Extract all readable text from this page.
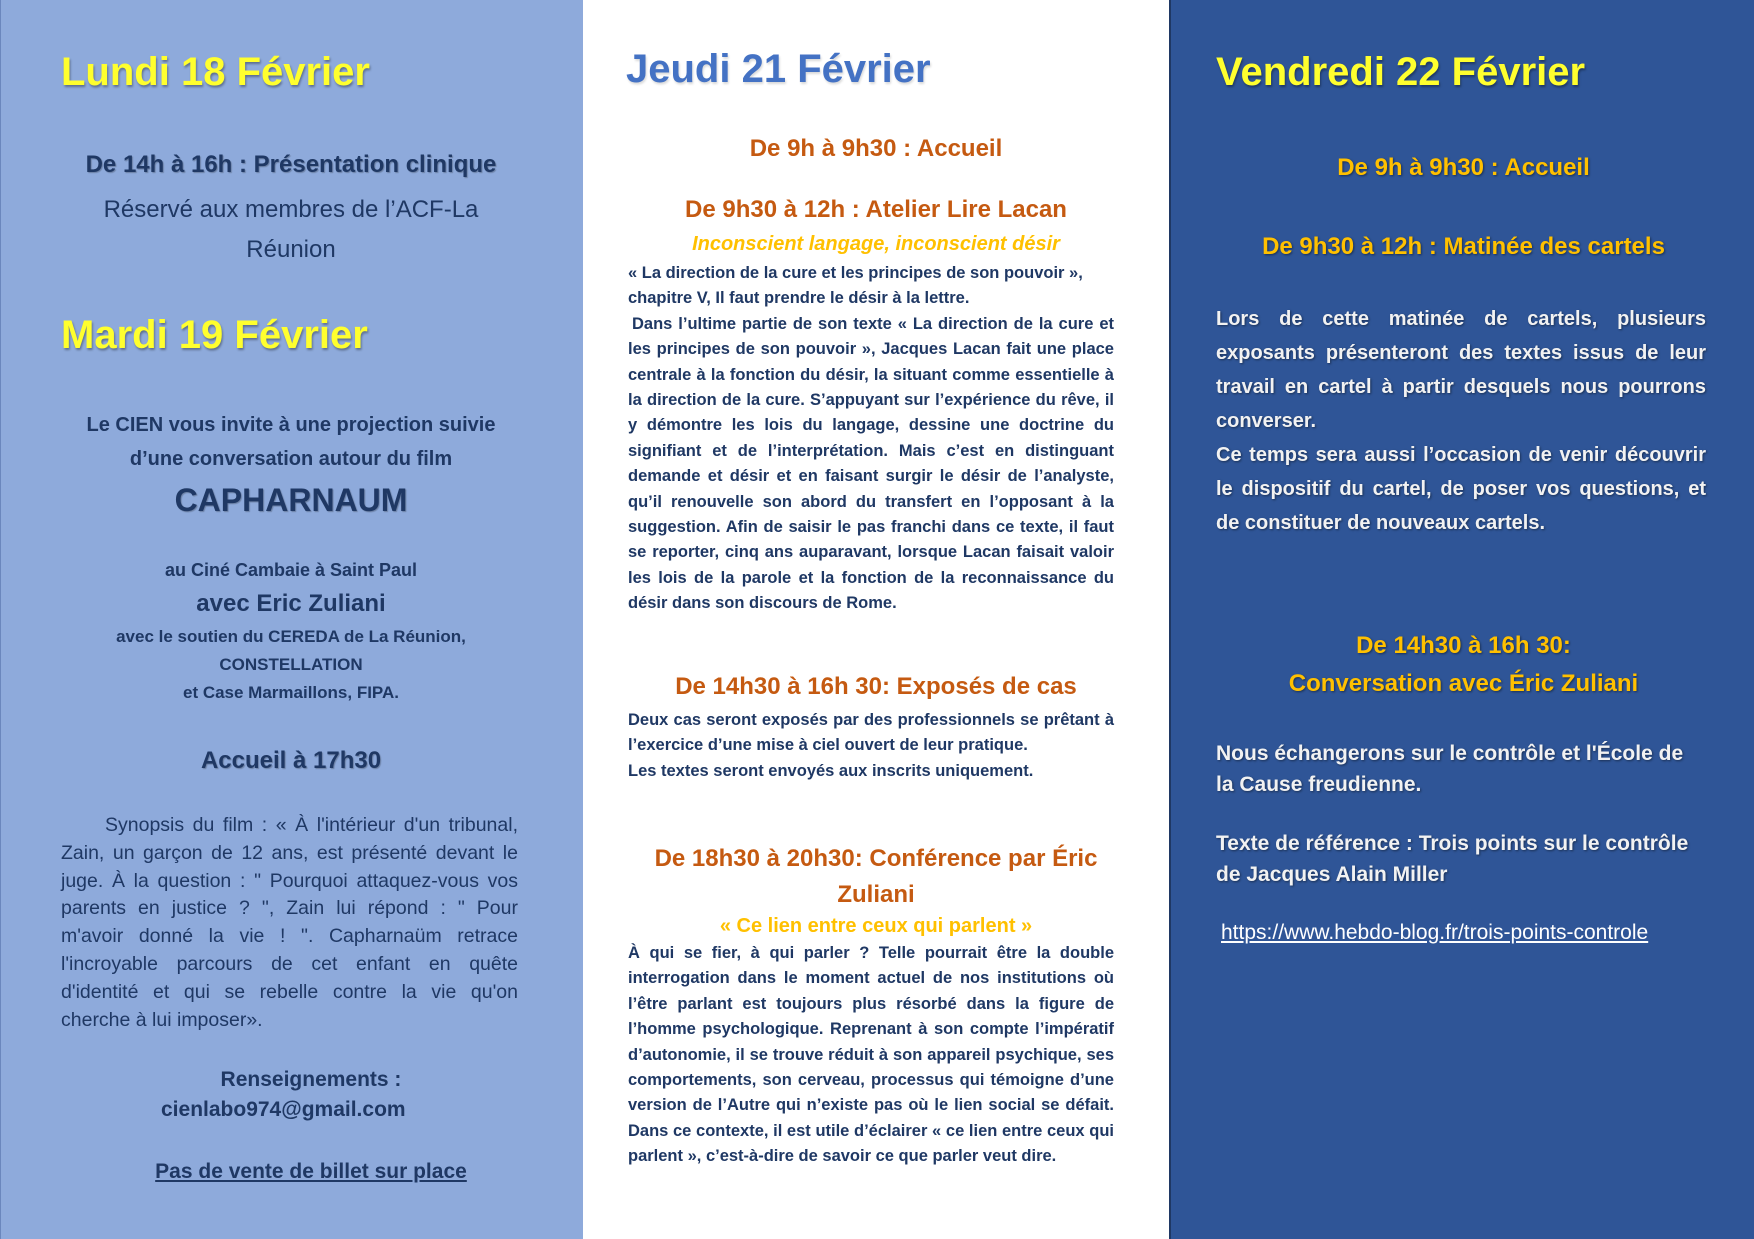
Lundi 18 Février

De 14h à 16h : Présentation clinique

Réservé aux membres de l’ACF-La Réunion

Mardi 19 Février

Le CIEN vous invite à une projection suivie d’une conversation autour du film

CAPHARNAUM

au Ciné Cambaie à Saint Paul

avec Eric Zuliani

avec le soutien du CEREDA de La Réunion,

CONSTELLATION

et Case Marmaillons, FIPA.

Accueil à 17h30

Synopsis du film : « À l'intérieur d'un tribunal, Zain, un garçon de 12 ans, est présenté devant le juge. À la question : " Pourquoi attaquez-vous vos parents en justice ? ", Zain lui répond : " Pour m'avoir donné la vie ! ". Capharnaüm retrace l'incroyable parcours de cet enfant en quête d'identité et qui se rebelle contre la vie qu'on cherche à lui imposer».

Renseignements :

cienlabo974@gmail.com

Pas de vente de billet sur place

Jeudi 21 Février

De 9h à 9h30 : Accueil

De 9h30 à 12h : Atelier Lire Lacan

Inconscient langage, inconscient désir

« La direction de la cure et les principes de son pouvoir », chapitre V, Il faut prendre le désir à la lettre.

Dans l’ultime partie de son texte « La direction de la cure et les principes de son pouvoir », Jacques Lacan fait une place centrale à la fonction du désir, la situant comme essentielle à la direction de la cure. S’appuyant sur l’expérience du rêve, il y démontre les lois du langage, dessine une doctrine du signifiant et de l’interprétation. Mais c’est en distinguant demande et désir et en faisant surgir le désir de l’analyste, qu’il renouvelle son abord du transfert en l’opposant à la suggestion. Afin de saisir le pas franchi dans ce texte, il faut se reporter, cinq ans auparavant, lorsque Lacan faisait valoir les lois de la parole et la fonction de la reconnaissance du désir dans son discours de Rome.

De 14h30 à 16h 30: Exposés de cas

Deux cas seront exposés par des professionnels se prêtant à l’exercice d’une mise à ciel ouvert de leur pratique.

Les textes seront envoyés aux inscrits uniquement.

De 18h30 à 20h30: Conférence par Éric Zuliani

« Ce lien entre ceux qui parlent »

À qui se fier, à qui parler ? Telle pourrait être la double interrogation dans le moment actuel de nos institutions où l’être parlant est toujours plus résorbé dans la figure de l’homme psychologique. Reprenant à son compte l’impératif d’autonomie, il se trouve réduit à son appareil psychique, ses comportements, son cerveau, processus qui témoigne d’une version de l’Autre qui n’existe pas où le lien social se défait. Dans ce contexte, il est utile d’éclairer « ce lien entre ceux qui parlent », c’est-à-dire de savoir ce que parler veut dire.

Vendredi 22 Février

De 9h à 9h30 : Accueil

De 9h30 à 12h : Matinée des cartels

Lors de cette matinée de cartels, plusieurs exposants présenteront des textes issus de leur travail en cartel à partir desquels nous pourrons converser.

Ce temps sera aussi l’occasion de venir découvrir le dispositif du cartel, de poser vos questions, et de constituer de nouveaux cartels.

De 14h30 à 16h 30:

Conversation avec Éric Zuliani

Nous échangerons sur le contrôle et l'École de la Cause freudienne.

Texte de référence : Trois points sur le contrôle de Jacques Alain Miller

https://www.hebdo-blog.fr/trois-points-controle
